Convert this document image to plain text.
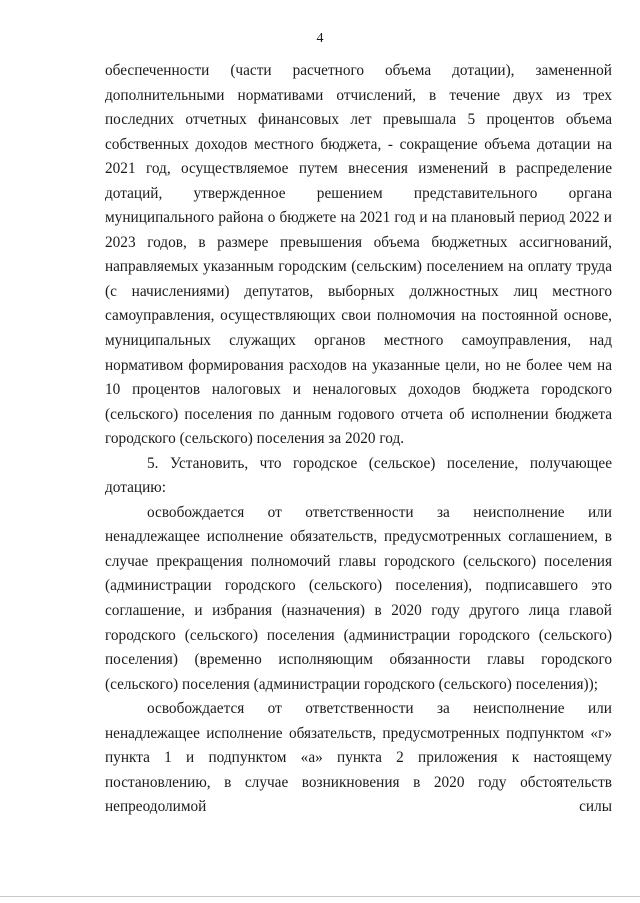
4

обеспеченности (части расчетного объема дотации), замененной дополнительными нормативами отчислений, в течение двух из трех последних отчетных финансовых лет превышала 5 процентов объема собственных доходов местного бюджета, - сокращение объема дотации на 2021 год, осуществляемое путем внесения изменений в распределение дотаций, утвержденное решением представительного органа муниципального района о бюджете на 2021 год и на плановый период 2022 и 2023 годов, в размере превышения объема бюджетных ассигнований, направляемых указанным городским (сельским) поселением на оплату труда (с начислениями) депутатов, выборных должностных лиц местного самоуправления, осуществляющих свои полномочия на постоянной основе, муниципальных служащих органов местного самоуправления, над нормативом формирования расходов на указанные цели, но не более чем на 10 процентов налоговых и неналоговых доходов бюджета городского (сельского) поселения по данным годового отчета об исполнении бюджета городского (сельского) поселения за 2020 год.

5. Установить, что городское (сельское) поселение, получающее дотацию:

освобождается от ответственности за неисполнение или ненадлежащее исполнение обязательств, предусмотренных соглашением, в случае прекращения полномочий главы городского (сельского) поселения (администрации городского (сельского) поселения), подписавшего это соглашение, и избрания (назначения) в 2020 году другого лица главой городского (сельского) поселения (администрации городского (сельского) поселения) (временно исполняющим обязанности главы городского (сельского) поселения (администрации городского (сельского) поселения));

освобождается от ответственности за неисполнение или ненадлежащее исполнение обязательств, предусмотренных подпунктом «г» пункта 1 и подпунктом «а» пункта 2 приложения к настоящему постановлению, в случае возникновения в 2020 году обстоятельств непреодолимой силы
